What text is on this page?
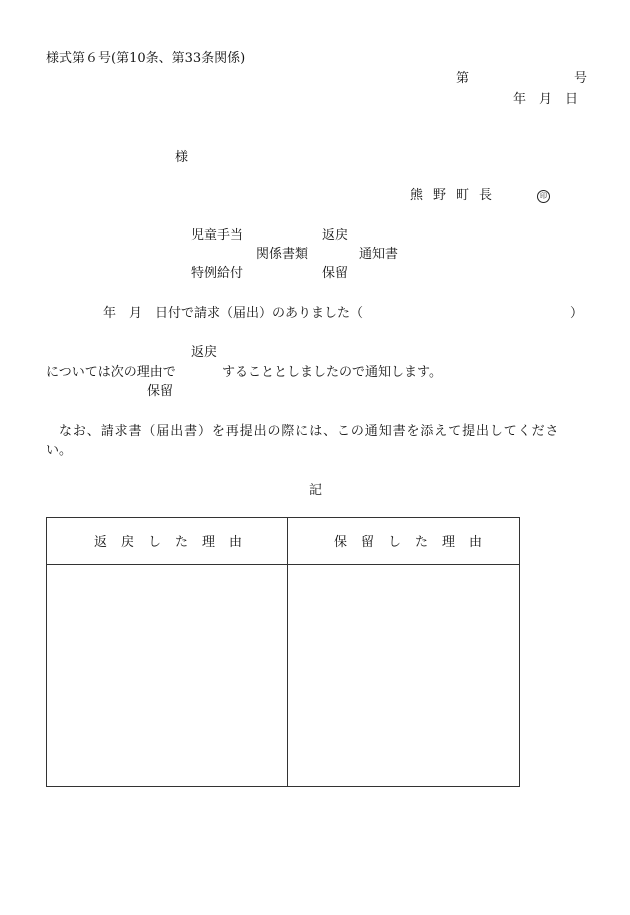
様式第６号(第10条、第33条関係)
第	号
年　月　日
様
熊野町長	印
児童手当	返戻
関係書類	通知書
特例給付	保留
年　月　日付で請求（届出）のありました（	）
返戻
については次の理由で	することとしましたので通知します。
保留
なお、請求書（届出書）を再提出の際には、この通知書を添えて提出してくださ
い。
記
返戻した理由	保留した理由
